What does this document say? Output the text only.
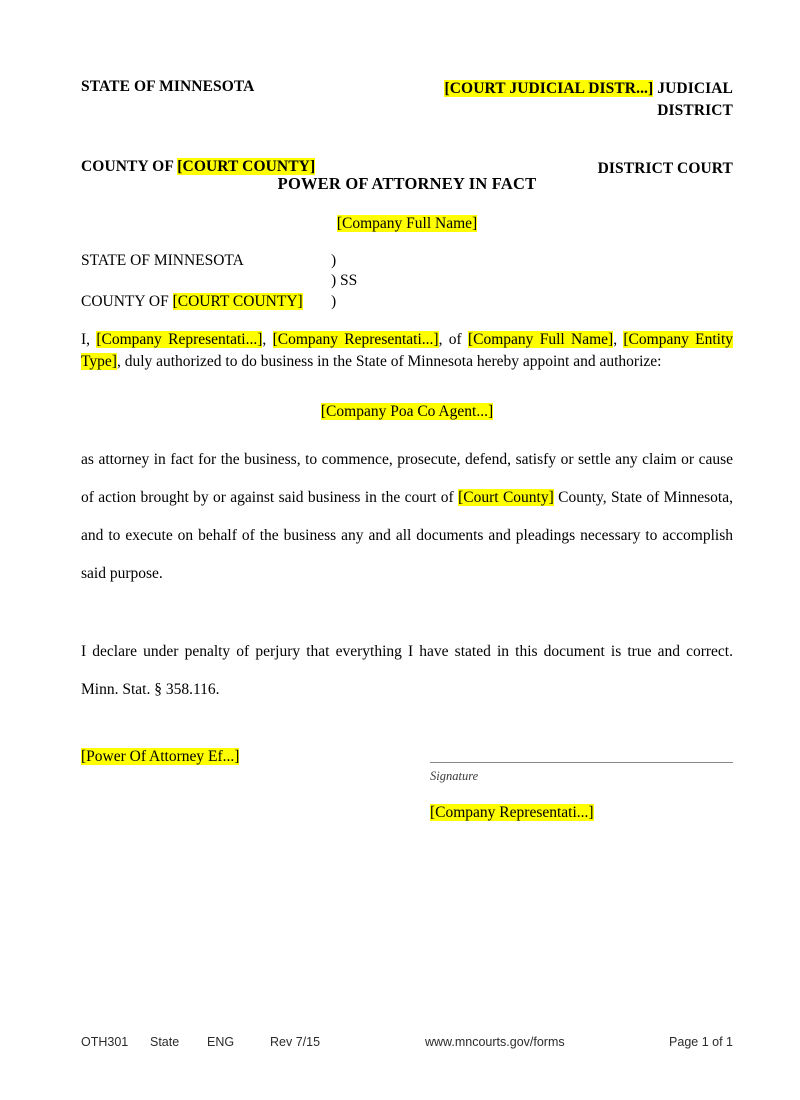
STATE OF MINNESOTA	[COURT JUDICIAL DISTR...] JUDICIAL
DISTRICT
COUNTY OF [COURT COUNTY]	DISTRICT COURT
POWER OF ATTORNEY IN FACT
[Company Full Name]
STATE OF MINNESOTA	)
) SS
COUNTY OF [COURT COUNTY]	)
I, [Company Representati...], [Company Representati...], of [Company Full Name], [Company Entity Type], duly authorized to do business in the State of Minnesota hereby appoint and authorize:
[Company Poa Co Agent...]
as attorney in fact for the business, to commence, prosecute, defend, satisfy or settle any claim or cause of action brought by or against said business in the court of [Court County] County, State of Minnesota, and to execute on behalf of the business any and all documents and pleadings necessary to accomplish said purpose.
I declare under penalty of perjury that everything I have stated in this document is true and correct. Minn. Stat. § 358.116.
[Power Of Attorney Ef...]
Signature
[Company Representati...]
OTH301 State ENG	Rev 7/15	www.mncourts.gov/forms	Page 1 of 1
